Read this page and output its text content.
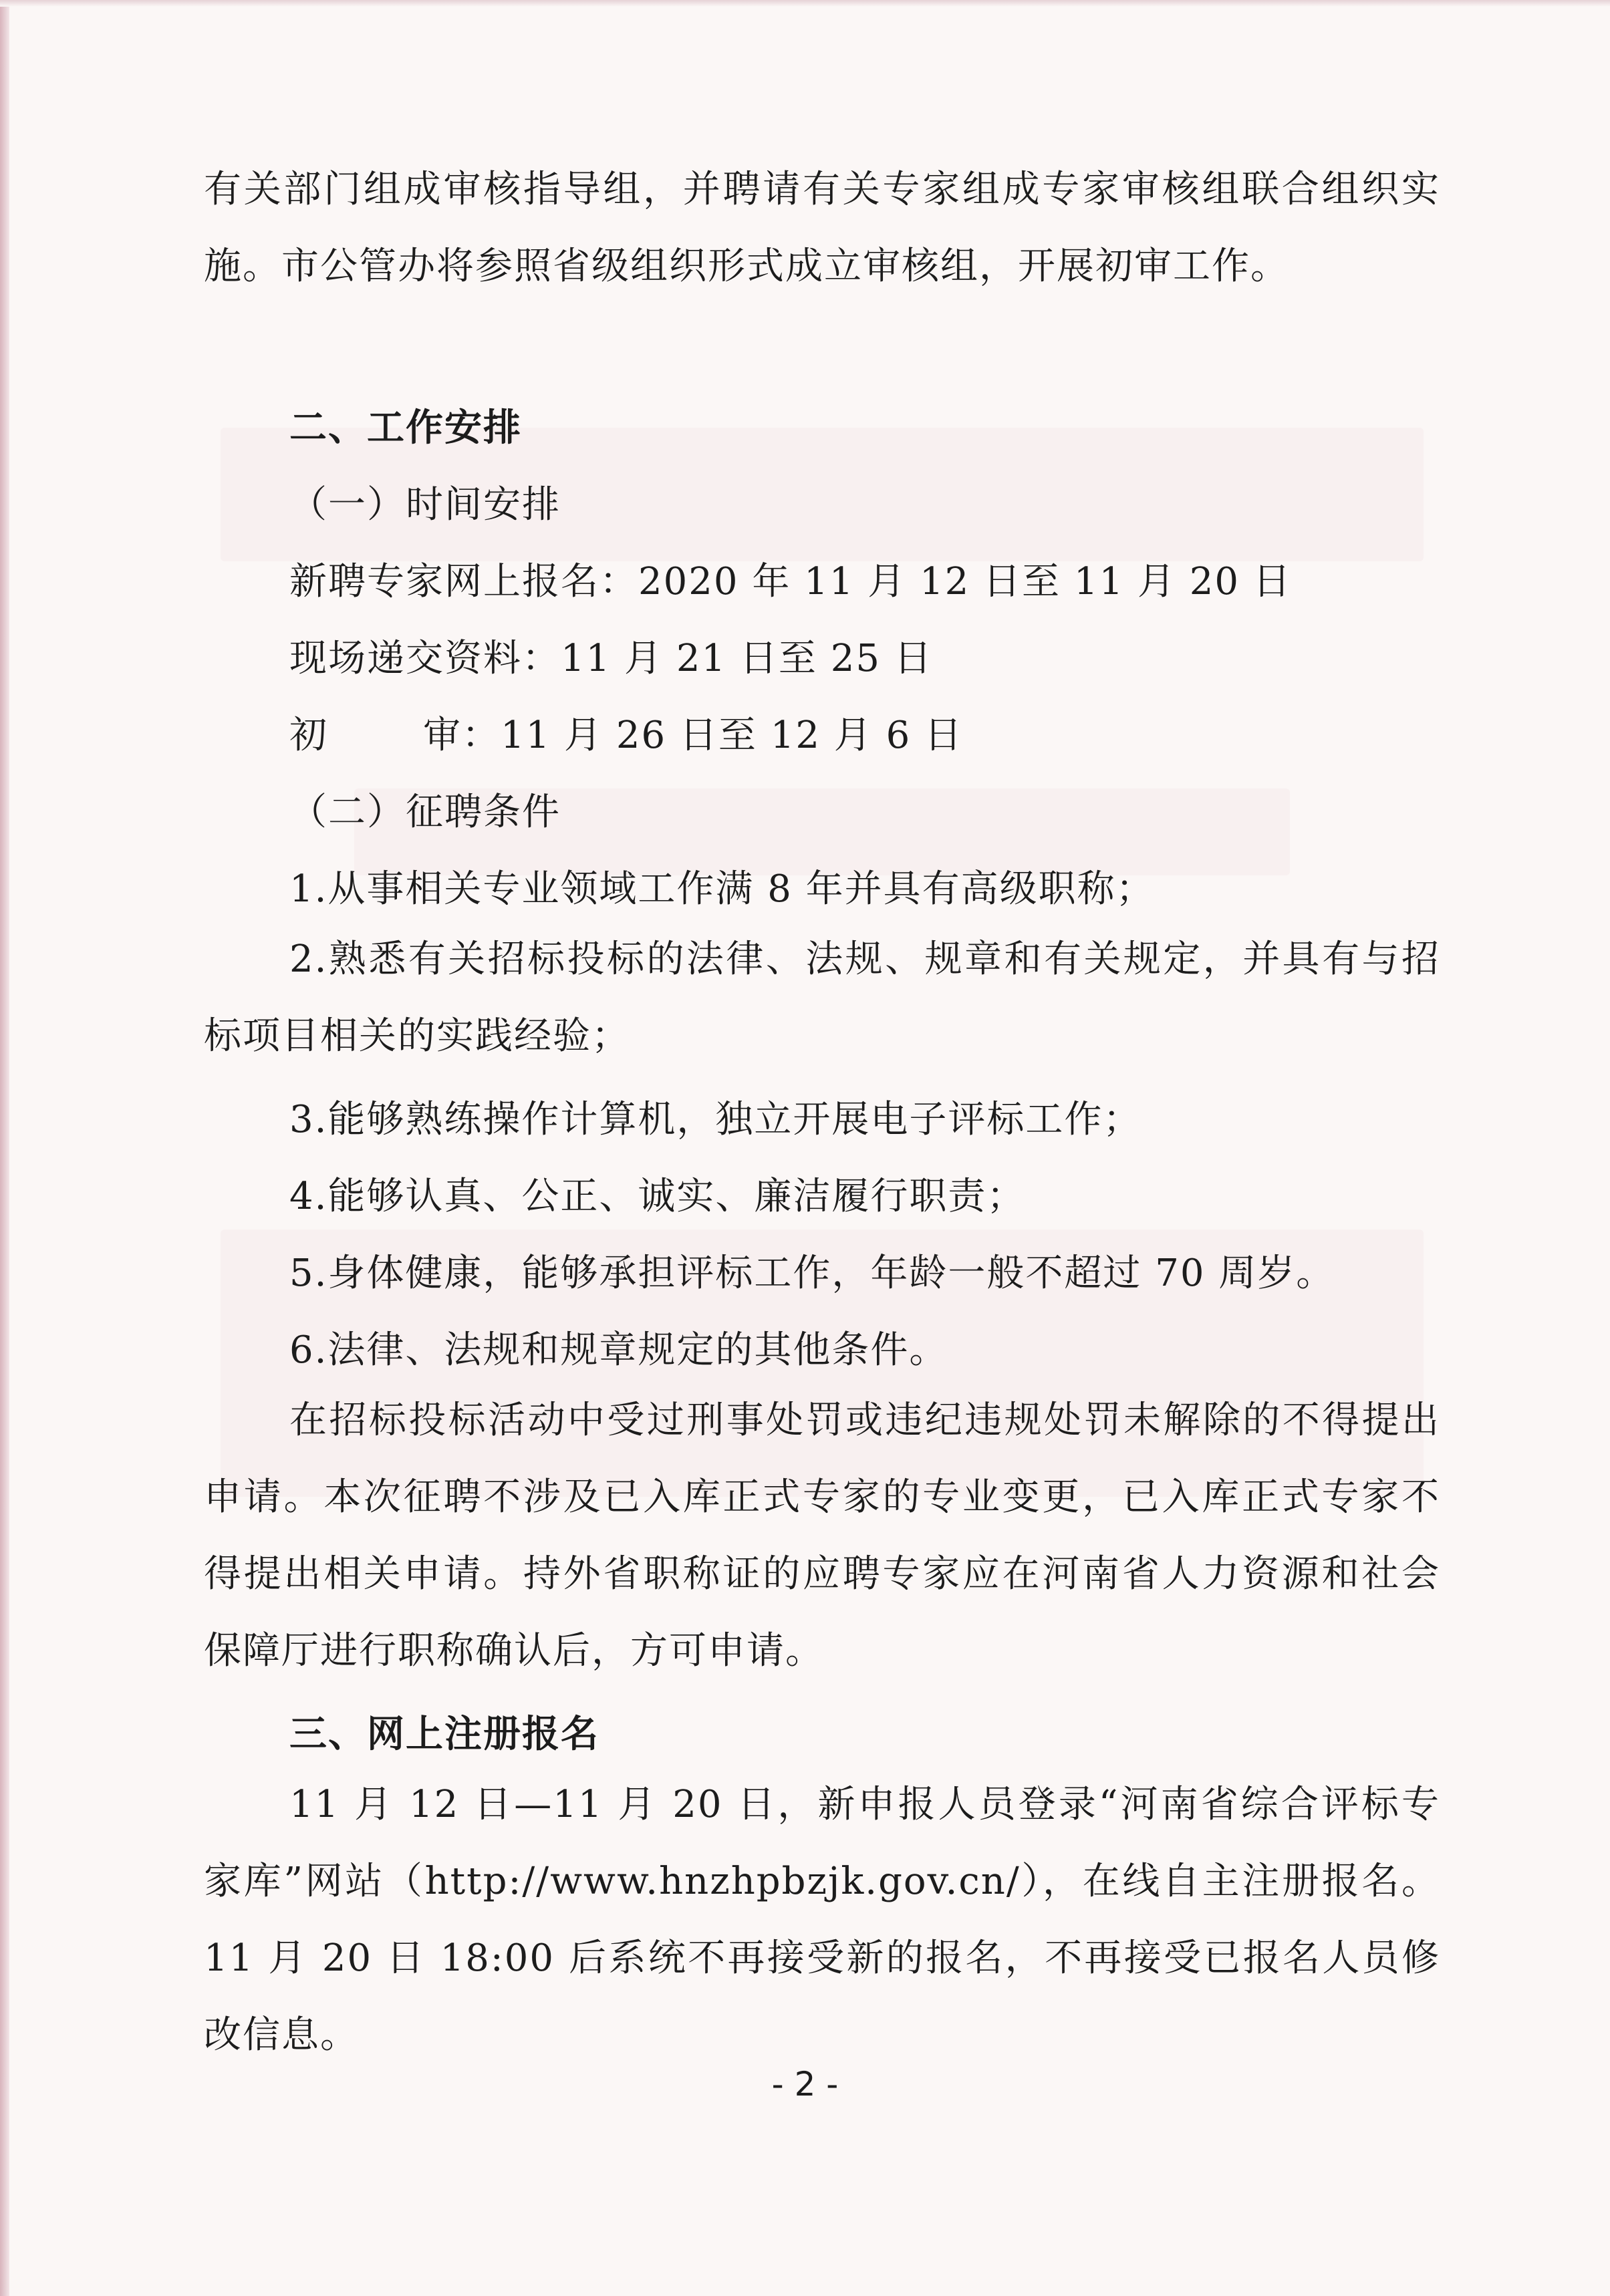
有关部门组成审核指导组，并聘请有关专家组成专家审核组联合组织实施。市公管办将参照省级组织形式成立审核组，开展初审工作。

二、工作安排

（一）时间安排

新聘专家网上报名：2020 年 11 月 12 日至 11 月 20 日

现场递交资料：11 月 21 日至 25 日

初	审：11 月 26 日至 12 月 6 日

（二）征聘条件

1.从事相关专业领域工作满 8 年并具有高级职称；

2.熟悉有关招标投标的法律、法规、规章和有关规定，并具有与招标项目相关的实践经验；

3.能够熟练操作计算机，独立开展电子评标工作；

4.能够认真、公正、诚实、廉洁履行职责；

5.身体健康，能够承担评标工作，年龄一般不超过 70 周岁。

6.法律、法规和规章规定的其他条件。

在招标投标活动中受过刑事处罚或违纪违规处罚未解除的不得提出申请。本次征聘不涉及已入库正式专家的专业变更，已入库正式专家不得提出相关申请。持外省职称证的应聘专家应在河南省人力资源和社会保障厅进行职称确认后，方可申请。

三、网上注册报名

11 月 12 日—11 月 20 日，新申报人员登录“河南省综合评标专家库”网站（http://www.hnzhpbzjk.gov.cn/），在线自主注册报名。11 月 20 日 18:00 后系统不再接受新的报名，不再接受已报名人员修改信息。

- 2 -
